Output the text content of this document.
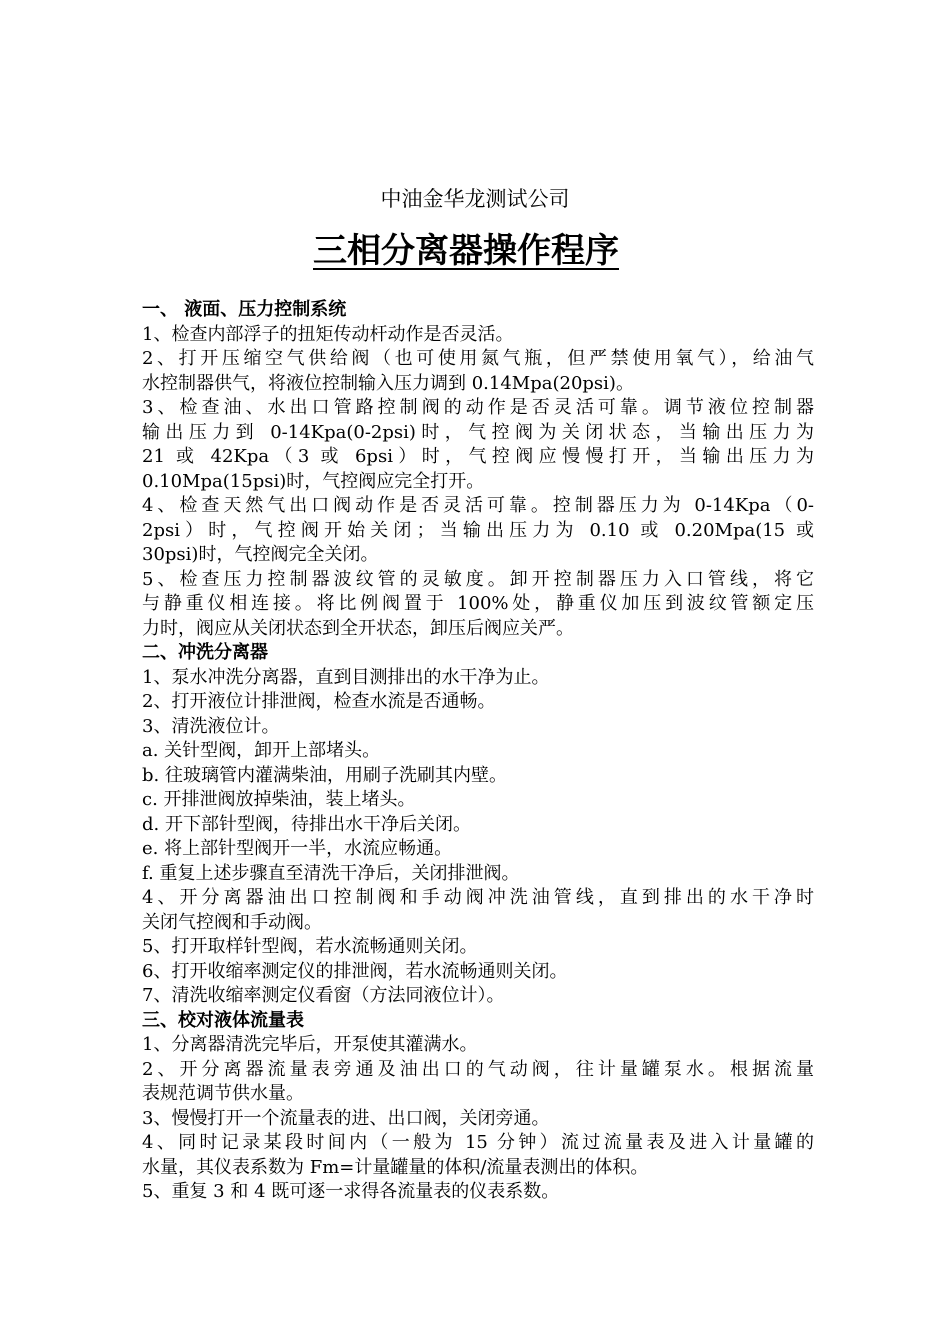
中油金华龙测试公司
三相分离器操作程序
一、 液面、压力控制系统
1、检查内部浮子的扭矩传动杆动作是否灵活。
2、打开压缩空气供给阀（也可使用氮气瓶，但严禁使用氧气），给油气
水控制器供气，将液位控制输入压力调到 0.14Mpa(20psi)。
3、检查油、水出口管路控制阀的动作是否灵活可靠。调节液位控制器
输出压力到 0-14Kpa(0-2psi)时，气控阀为关闭状态，当输出压力为
21 或 42Kpa（3 或 6psi）时，气控阀应慢慢打开，当输出压力为
0.10Mpa(15psi)时，气控阀应完全打开。
4、检查天然气出口阀动作是否灵活可靠。控制器压力为 0-14Kpa（0-
2psi）时，气控阀开始关闭；当输出压力为 0.10 或 0.20Mpa(15 或
30psi)时，气控阀完全关闭。
5、检查压力控制器波纹管的灵敏度。卸开控制器压力入口管线，将它
与静重仪相连接。将比例阀置于 100%处，静重仪加压到波纹管额定压
力时，阀应从关闭状态到全开状态，卸压后阀应关严。
二、冲洗分离器
1、泵水冲洗分离器，直到目测排出的水干净为止。
2、打开液位计排泄阀，检查水流是否通畅。
3、清洗液位计。
a. 关针型阀，卸开上部堵头。
b. 往玻璃管内灌满柴油，用刷子洗刷其内壁。
c. 开排泄阀放掉柴油，装上堵头。
d. 开下部针型阀，待排出水干净后关闭。
e. 将上部针型阀开一半，水流应畅通。
f. 重复上述步骤直至清洗干净后，关闭排泄阀。
4、开分离器油出口控制阀和手动阀冲洗油管线，直到排出的水干净时
关闭气控阀和手动阀。
5、打开取样针型阀，若水流畅通则关闭。
6、打开收缩率测定仪的排泄阀，若水流畅通则关闭。
7、清洗收缩率测定仪看窗（方法同液位计）。
三、校对液体流量表
1、分离器清洗完毕后，开泵使其灌满水。
2、开分离器流量表旁通及油出口的气动阀，往计量罐泵水。根据流量
表规范调节供水量。
3、慢慢打开一个流量表的进、出口阀，关闭旁通。
4、同时记录某段时间内（一般为 15 分钟）流过流量表及进入计量罐的
水量，其仪表系数为 Fm=计量罐量的体积/流量表测出的体积。
5、重复 3 和 4 既可逐一求得各流量表的仪表系数。
